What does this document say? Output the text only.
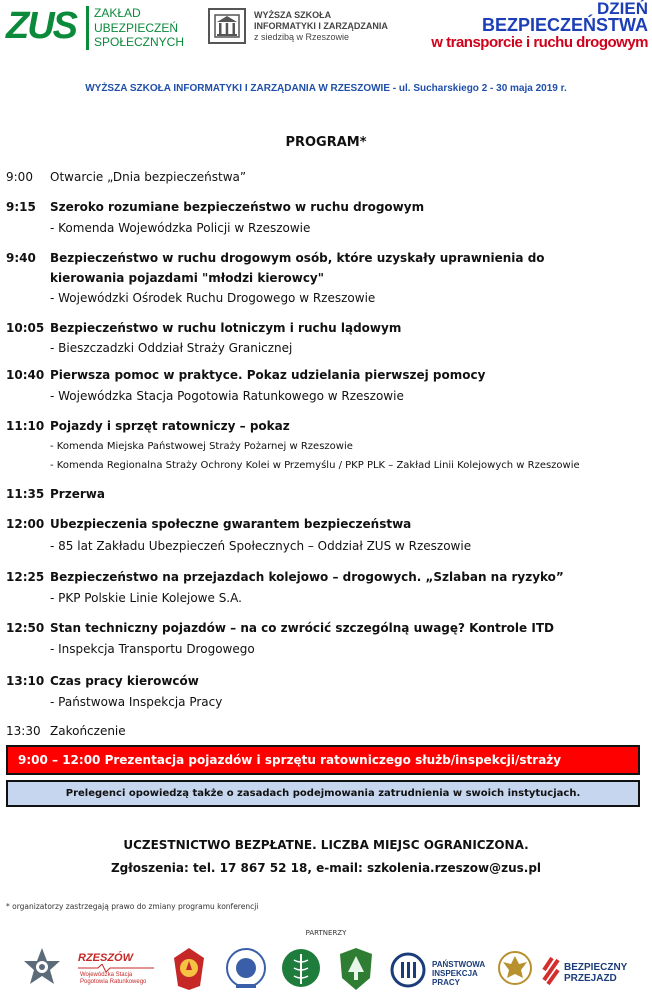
ZUS ZAKŁAD
UBEZPIECZEŃ
SPOŁECZNYCH
WYŻSZA SZKOŁA
INFORMATYKI I ZARZĄDZANIA
z siedzibą w Rzeszowie
DZIEŃ
BEZPIECZEŃSTWA
w transporcie i ruchu drogowym
WYŻSZA SZKOŁA INFORMATYKI I ZARZĄDANIA W RZESZOWIE - ul. Sucharskiego 2 - 30 maja 2019 r.
PROGRAM*
9:00	Otwarcie „Dnia bezpieczeństwa”
9:15	Szeroko rozumiane bezpieczeństwo w ruchu drogowym
- Komenda Wojewódzka Policji w Rzeszowie
9:40	Bezpieczeństwo w ruchu drogowym osób, które uzyskały uprawnienia do kierowania pojazdami "młodzi kierowcy"
- Wojewódzki Ośrodek Ruchu Drogowego w Rzeszowie
10:05 Bezpieczeństwo w ruchu lotniczym i ruchu lądowym
- Bieszczadzki Oddział Straży Granicznej
10:40 Pierwsza pomoc w praktyce. Pokaz udzielania pierwszej pomocy
- Wojewódzka Stacja Pogotowia Ratunkowego w Rzeszowie
11:10 Pojazdy i sprzęt ratowniczy – pokaz
- Komenda Miejska Państwowej Straży Pożarnej w Rzeszowie
- Komenda Regionalna Straży Ochrony Kolei w Przemyślu / PKP PLK – Zakład Linii Kolejowych w Rzeszowie
11:35 Przerwa
12:00 Ubezpieczenia społeczne gwarantem bezpieczeństwa
- 85 lat Zakładu Ubezpieczeń Społecznych – Oddział ZUS w Rzeszowie
12:25 Bezpieczeństwo na przejazdach kolejowo – drogowych. „Szlaban na ryzyko”
- PKP Polskie Linie Kolejowe S.A.
12:50 Stan techniczny pojazdów – na co zwrócić szczególną uwagę? Kontrole ITD
- Inspekcja Transportu Drogowego
13:10 Czas pracy kierowców
- Państwowa Inspekcja Pracy
13:30 Zakończenie
9:00 – 12:00 Prezentacja pojazdów i sprzętu ratowniczego służb/inspekcji/straży
Prelegenci opowiedzą także o zasadach podejmowania zatrudnienia w swoich instytucjach.
UCZESTNICTWO BEZPŁATNE. LICZBA MIEJSC OGRANICZONA.
Zgłoszenia: tel. 17 867 52 18, e-mail: szkolenia.rzeszow@zus.pl
* organizatorzy zastrzegają prawo do zmiany programu konferencji
PARTNERZY
RZESZÓW
Wojewódzka Stacja
Pogotowia Ratunkowego
PAŃSTWOWA
INSPEKCJA
PRACY
BEZPIECZNY
PRZEJAZD
